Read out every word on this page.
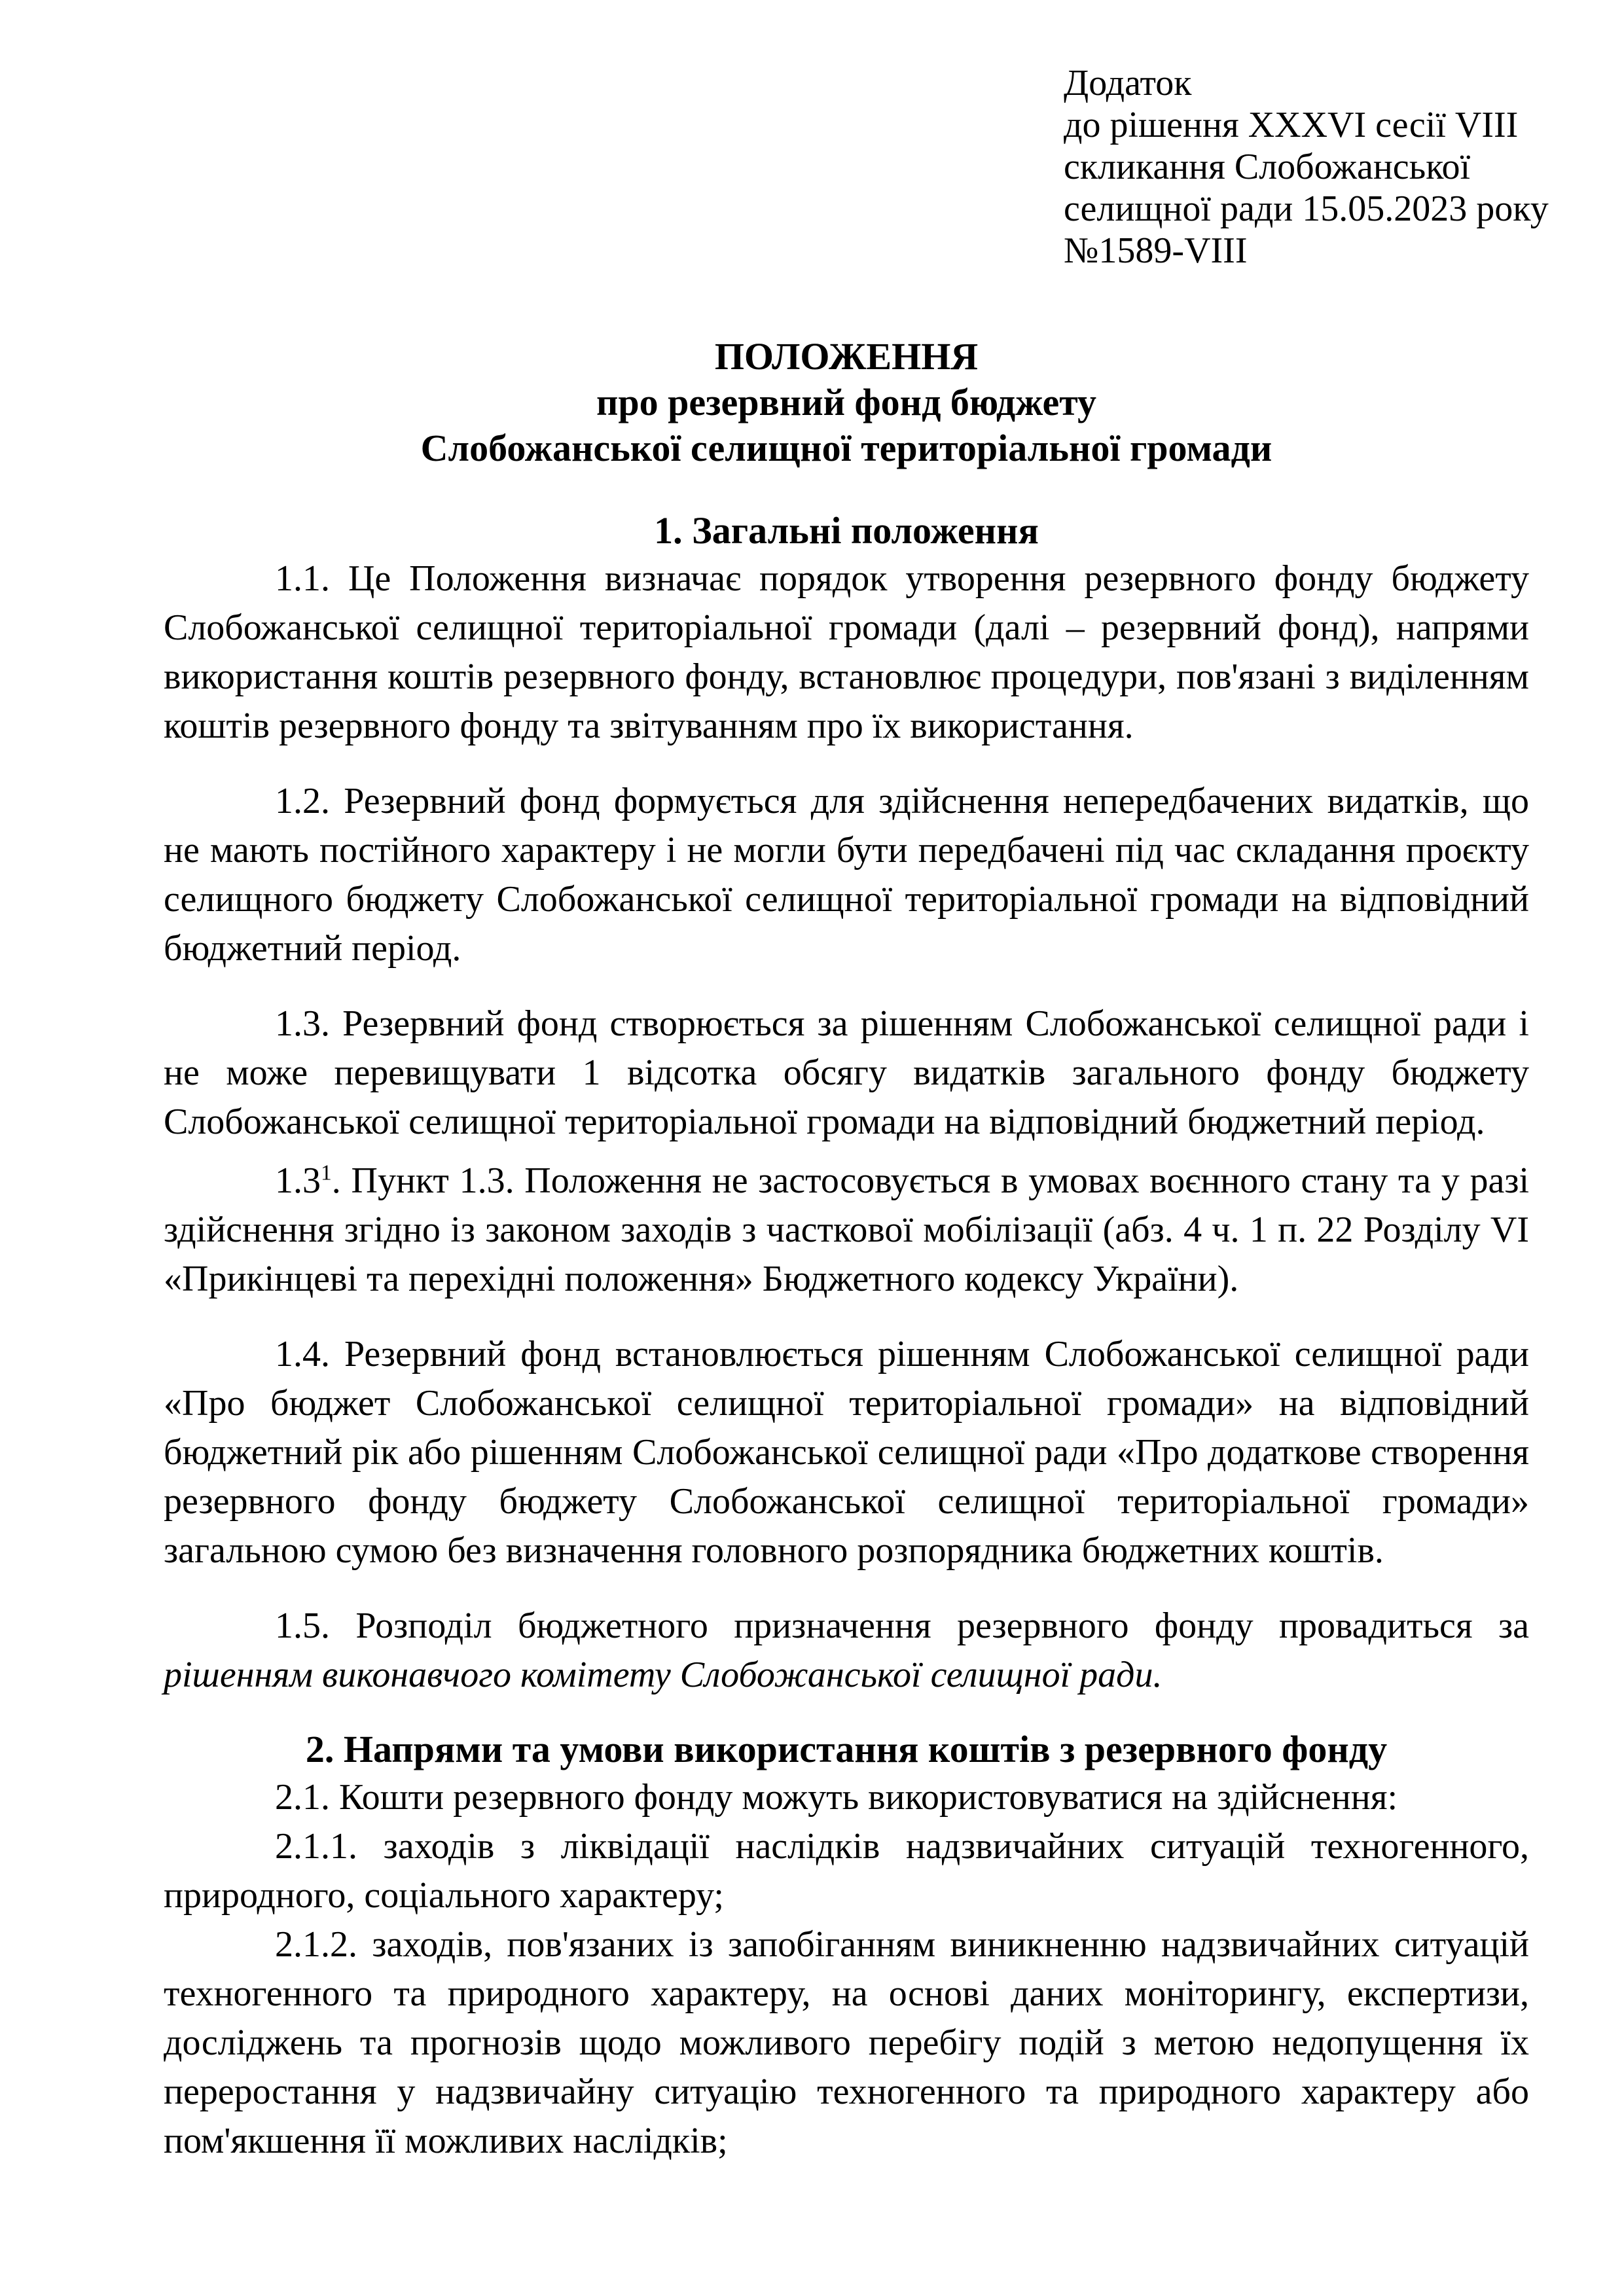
Додаток
до рішення XXXVI сесії VIII
скликання Слобожанської
селищної ради 15.05.2023 року
№1589-VIII
ПОЛОЖЕННЯ
про резервний фонд бюджету
Слобожанської селищної територіальної громади
1. Загальні положення

1.1. Це Положення визначає порядок утворення резервного фонду бюджету Слобожанської селищної територіальної громади (далі – резервний фонд), напрями використання коштів резервного фонду, встановлює процедури, пов'язані з виділенням коштів резервного фонду та звітуванням про їх використання.

1.2. Резервний фонд формується для здійснення непередбачених видатків, що не мають постійного характеру і не могли бути передбачені під час складання проєкту селищного бюджету Слобожанської селищної територіальної громади на відповідний бюджетний період.

1.3. Резервний фонд створюється за рішенням Слобожанської селищної ради і не може перевищувати 1 відсотка обсягу видатків загального фонду бюджету Слобожанської селищної територіальної громади на відповідний бюджетний період.

$1.3^1$. Пункт 1.3. Положення не застосовується в умовах воєнного стану та у разі здійснення згідно із законом заходів з часткової мобілізації (абз. 4 ч. 1 п. 22 Розділу VI «Прикінцеві та перехідні положення» Бюджетного кодексу України).

1.4. Резервний фонд встановлюється рішенням Слобожанської селищної ради «Про бюджет Слобожанської селищної територіальної громади» на відповідний бюджетний рік або рішенням Слобожанської селищної ради «Про додаткове створення резервного фонду бюджету Слобожанської селищної територіальної громади» загальною сумою без визначення головного розпорядника бюджетних коштів.

1.5. Розподіл бюджетного призначення резервного фонду провадиться за рішенням виконавчого комітету Слобожанської селищної ради.

2. Напрями та умови використання коштів з резервного фонду

2.1. Кошти резервного фонду можуть використовуватися на здійснення:

2.1.1. заходів з ліквідації наслідків надзвичайних ситуацій техногенного, природного, соціального характеру;

2.1.2. заходів, пов'язаних із запобіганням виникненню надзвичайних ситуацій техногенного та природного характеру, на основі даних моніторингу, експертизи, досліджень та прогнозів щодо можливого перебігу подій з метою недопущення їх переростання у надзвичайну ситуацію техногенного та природного характеру або пом'якшення її можливих наслідків;
